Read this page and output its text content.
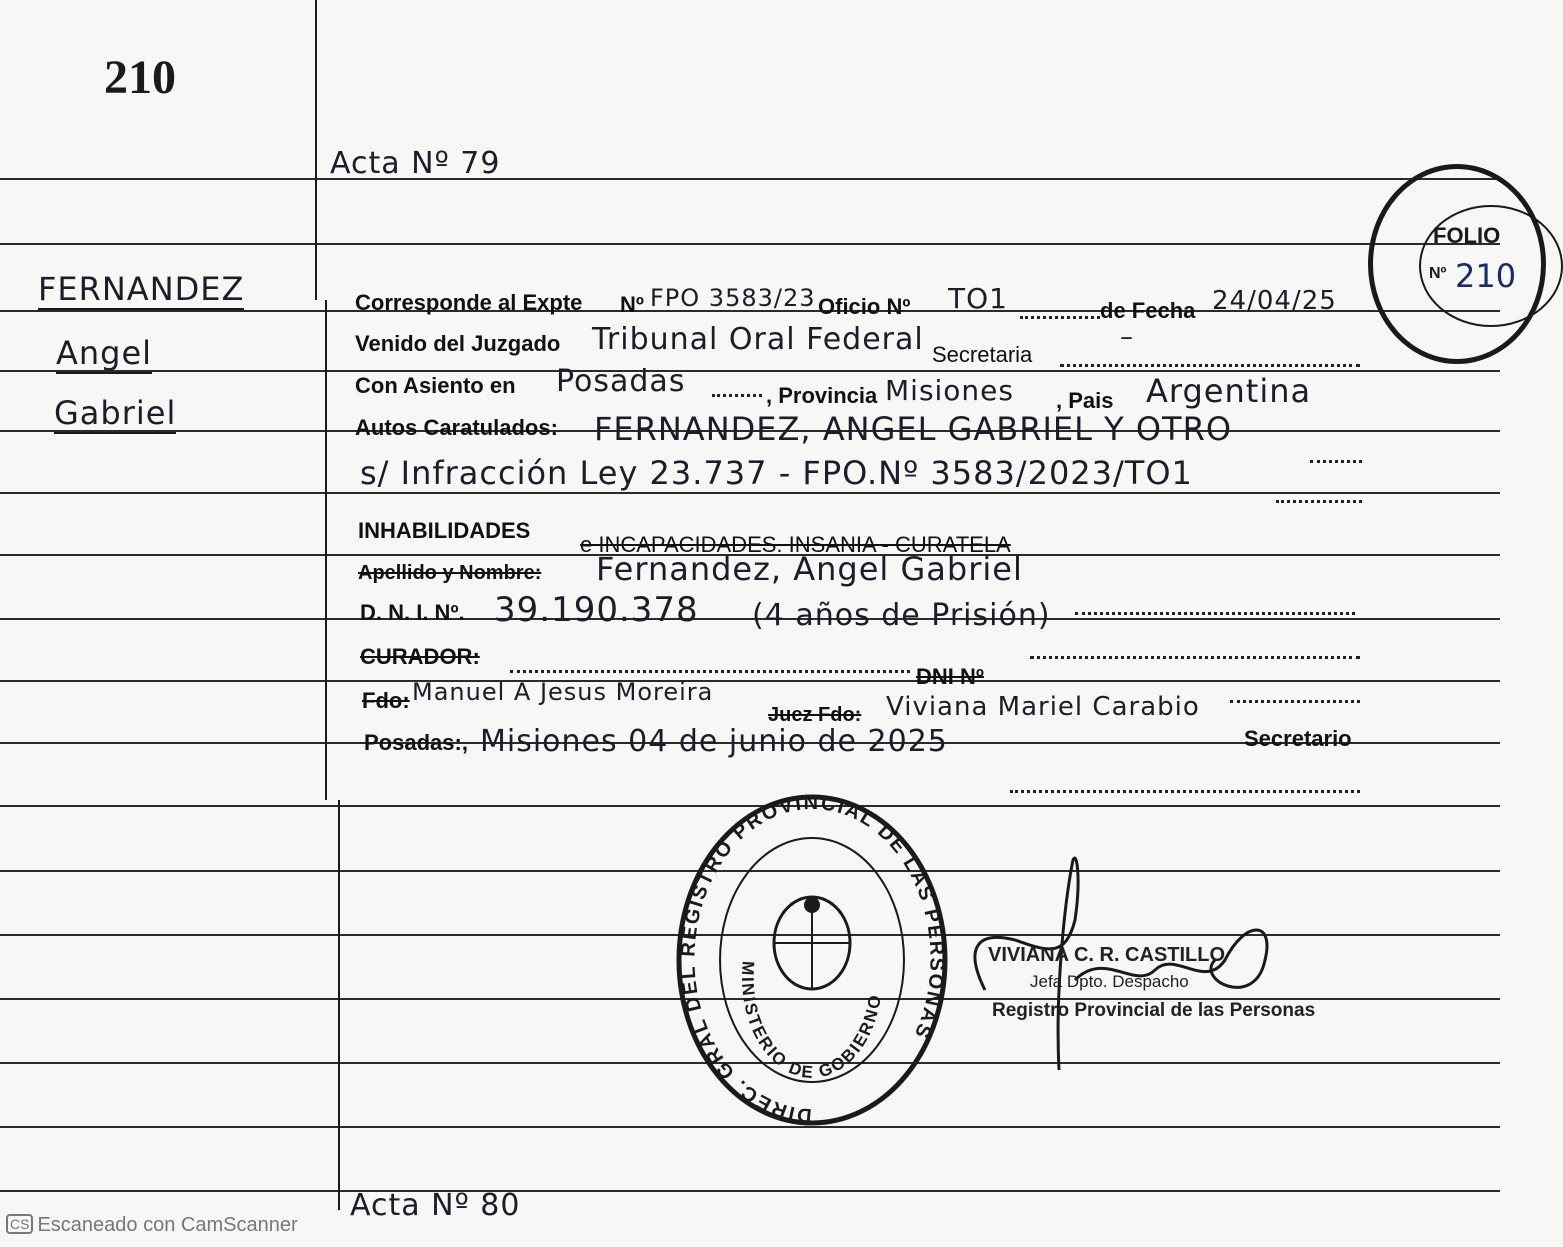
210
Acta Nº 79
FERNANDEZ
Angel
Gabriel
Corresponde al Expte Nº FPO 3583/23 Oficio Nº TO1	de Fecha 24/04/25
Venido del Juzgado Tribunal Oral Federal Secretaria
–
Con Asiento en Posadas	, Provincia Misiones , Pais Argentina
Autos Caratulados: FERNANDEZ, ANGEL GABRIEL Y OTRO
s/ Infracción Ley 23.737 - FPO.Nº 3583/2023/TO1
INHABILIDADES
e INCAPACIDADES. INSANIA - CURATELA
Apellido y Nombre: Fernandez, Angel Gabriel
D. N. I. Nº. 39.190.378 (4 años de Prisión)
CURADOR:
DNI Nº
Fdo: Manuel A Jesus Moreira
Juez Fdo: Viviana Mariel Carabio
Secretario
Posadas:, Misiones 04 de junio de 2025
FOLIO
Nº 210
DIREC. GRAL DEL REGISTRO PROVINCIAL DE LAS PERSONAS
MINISTERIO DE GOBIERNO
VIVIANA C. R. CASTILLO
Jefa Dpto. Despacho
Registro Provincial de las Personas
Acta Nº 80
CS Escaneado con CamScanner
